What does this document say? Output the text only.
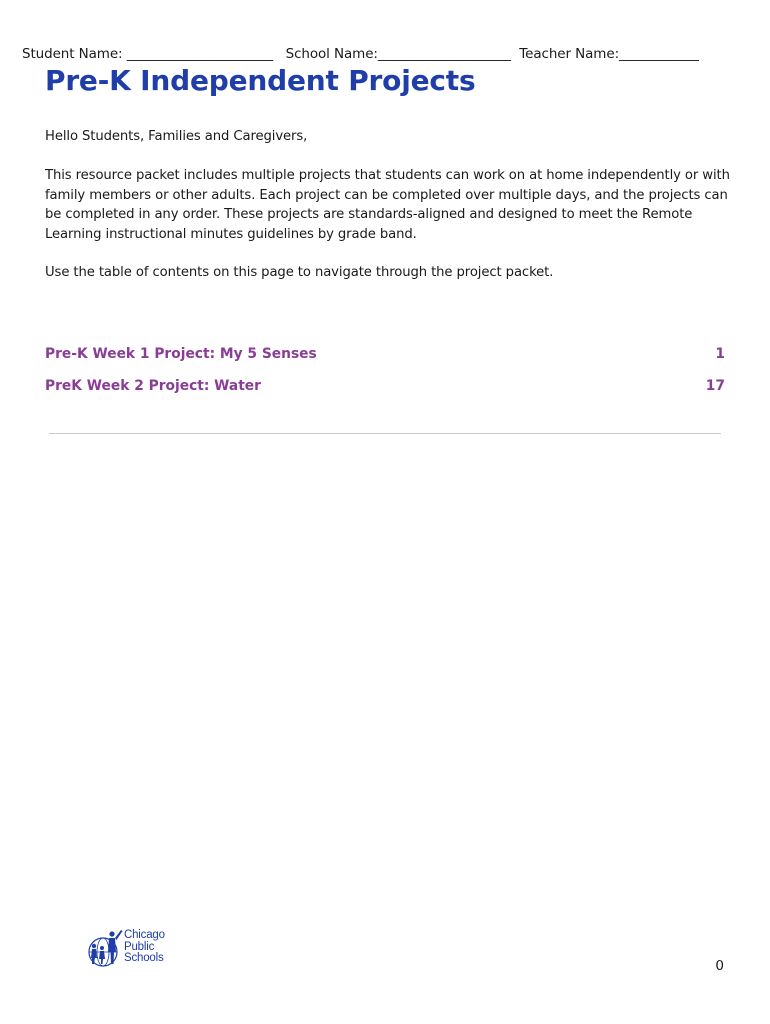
Student Name: ______________________ School Name:____________________ Teacher Name:____________
Pre-K Independent Projects
Hello Students, Families and Caregivers,
This resource packet includes multiple projects that students can work on at home independently or with family members or other adults. Each project can be completed over multiple days, and the projects can be completed in any order. These projects are standards-aligned and designed to meet the Remote Learning instructional minutes guidelines by grade band.
Use the table of contents on this page to navigate through the project packet.
Pre-K Week 1 Project: My 5 Senses	1
PreK Week 2 Project: Water	17
Chicago
Public
Schools	0
